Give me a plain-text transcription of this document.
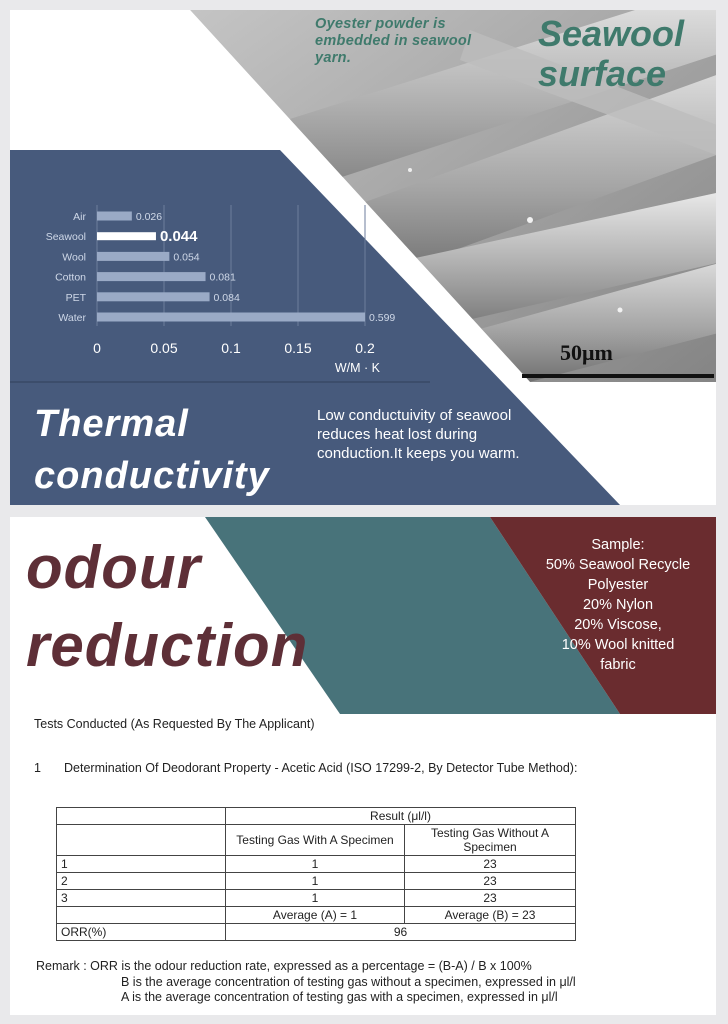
Oyester powder is embedded in seawool yarn.
Seawool
surface
50μm
0	0.05	0.1	0.15	0.2
Air	0.026
Seawool	0.044
Wool	0.054
Cotton	0.081
PET	0.084
Water	0.599
W/M · K
Thermal
conductivity
Low conductuivity of seawool reduces heat lost during conduction.It keeps you warm.
odour
reduction
Sample:
50% Seawool Recycle
Polyester
20% Nylon
20% Viscose,
10% Wool knitted
fabric
Tests Conducted (As Requested By The Applicant)
1 Determination Of Deodorant Property - Acetic Acid (ISO 17299-2, By Detector Tube Method):
	Result (μl/l)	
	Testing Gas With A Specimen	Testing Gas Without A Specimen
1	1	23
2	1	23
3	1	23
	Average (A) = 1	Average (B) = 23
ORR(%)	96	
Remark : ORR is the odour reduction rate, expressed as a percentage = (B-A) / B x 100%
B is the average concentration of testing gas without a specimen, expressed in μl/l
A is the average concentration of testing gas with a specimen, expressed in μl/l
